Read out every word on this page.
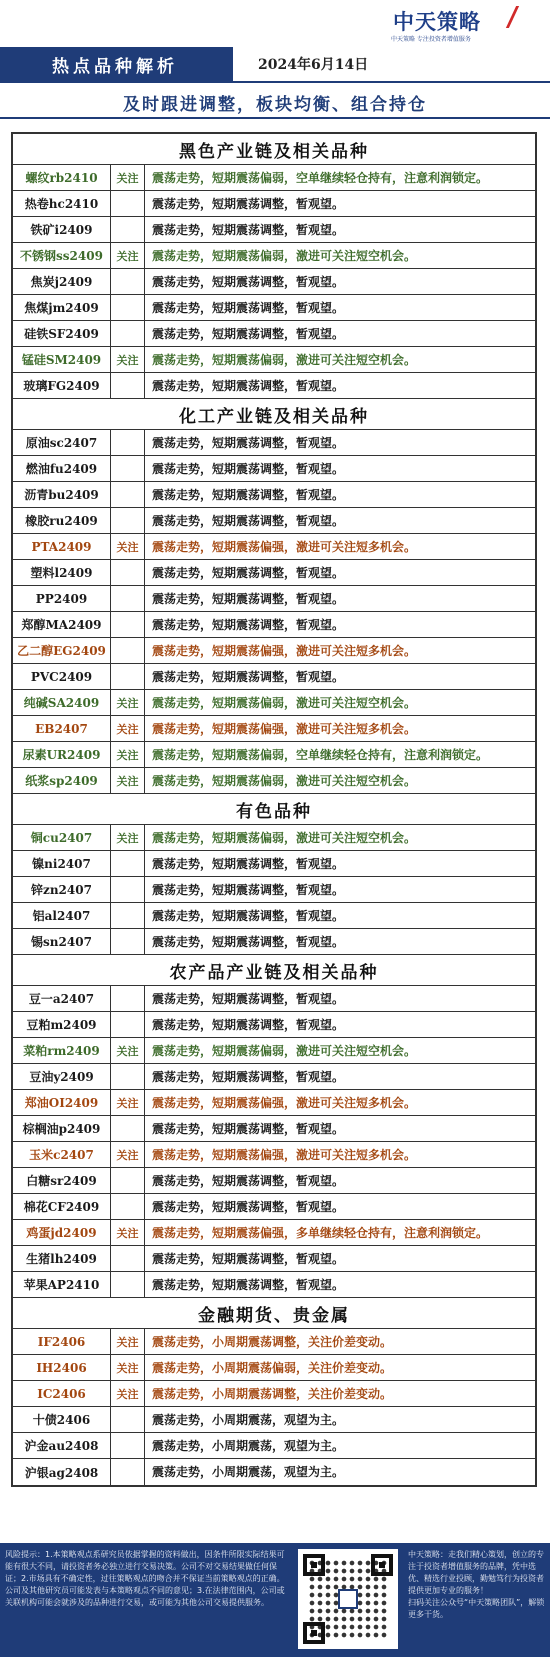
中天策略
中天策略 专注投资者增值服务
热点品种解析	2024年6月14日
及时跟进调整，板块均衡、组合持仓
黑色产业链及相关品种
螺纹rb2410	关注	震荡走势，短期震荡偏弱，空单继续轻仓持有，注意利润锁定。
热卷hc2410	震荡走势，短期震荡调整，暂观望。
铁矿i2409	震荡走势，短期震荡调整，暂观望。
不锈钢ss2409	关注	震荡走势，短期震荡偏弱，激进可关注短空机会。
焦炭j2409	震荡走势，短期震荡调整，暂观望。
焦煤jm2409	震荡走势，短期震荡调整，暂观望。
硅铁SF2409	震荡走势，短期震荡调整，暂观望。
锰硅SM2409	关注	震荡走势，短期震荡偏弱，激进可关注短空机会。
玻璃FG2409	震荡走势，短期震荡调整，暂观望。
化工产业链及相关品种
原油sc2407	震荡走势，短期震荡调整，暂观望。
燃油fu2409	震荡走势，短期震荡调整，暂观望。
沥青bu2409	震荡走势，短期震荡调整，暂观望。
橡胶ru2409	震荡走势，短期震荡调整，暂观望。
PTA2409	关注	震荡走势，短期震荡偏强，激进可关注短多机会。
塑料l2409	震荡走势，短期震荡调整，暂观望。
PP2409	震荡走势，短期震荡调整，暂观望。
郑醇MA2409	震荡走势，短期震荡调整，暂观望。
乙二醇EG2409	震荡走势，短期震荡偏强，激进可关注短多机会。
PVC2409	震荡走势，短期震荡调整，暂观望。
纯碱SA2409	关注	震荡走势，短期震荡偏弱，激进可关注短空机会。
EB2407	关注	震荡走势，短期震荡偏强，激进可关注短多机会。
尿素UR2409	关注	震荡走势，短期震荡偏弱，空单继续轻仓持有，注意利润锁定。
纸浆sp2409	关注	震荡走势，短期震荡偏弱，激进可关注短空机会。
有色品种
铜cu2407	关注	震荡走势，短期震荡偏弱，激进可关注短空机会。
镍ni2407	震荡走势，短期震荡调整，暂观望。
锌zn2407	震荡走势，短期震荡调整，暂观望。
铝al2407	震荡走势，短期震荡调整，暂观望。
锡sn2407	震荡走势，短期震荡调整，暂观望。
农产品产业链及相关品种
豆一a2407	震荡走势，短期震荡调整，暂观望。
豆粕m2409	震荡走势，短期震荡调整，暂观望。
菜粕rm2409	关注	震荡走势，短期震荡偏弱，激进可关注短空机会。
豆油y2409	震荡走势，短期震荡调整，暂观望。
郑油OI2409	关注	震荡走势，短期震荡偏强，激进可关注短多机会。
棕榈油p2409	震荡走势，短期震荡调整，暂观望。
玉米c2407	关注	震荡走势，短期震荡偏强，激进可关注短多机会。
白糖sr2409	震荡走势，短期震荡调整，暂观望。
棉花CF2409	震荡走势，短期震荡调整，暂观望。
鸡蛋jd2409	关注	震荡走势，短期震荡偏强，多单继续轻仓持有，注意利润锁定。
生猪lh2409	震荡走势，短期震荡调整，暂观望。
苹果AP2410	震荡走势，短期震荡调整，暂观望。
金融期货、贵金属
IF2406	关注	震荡走势，小周期震荡调整，关注价差变动。
IH2406	关注	震荡走势，小周期震荡偏弱，关注价差变动。
IC2406	关注	震荡走势，小周期震荡调整，关注价差变动。
十债2406	震荡走势，小周期震荡，观望为主。
沪金au2408	震荡走势，小周期震荡，观望为主。
沪银ag2408	震荡走势，小周期震荡，观望为主。
风险提示：1.本策略观点系研究员依据掌握的资料做出，因条件所限实际结果可能有很大不同，请投资者务必独立进行交易决策。公司不对交易结果做任何保证；2.市场具有不确定性，过往策略观点的吻合并不保证当前策略观点的正确。公司及其他研究员可能发表与本策略观点不同的意见；3.在法律范围内，公司或关联机构可能会就涉及的品种进行交易，或可能为其他公司交易提供服务。
中天策略：走我们精心策划，创立的专注于投资者增值服务的品牌，凭中选优、精选行业投顾，勤勉笃行为投资者提供更加专业的服务！
扫码关注公众号“中天策略团队”，解锁更多干货。
